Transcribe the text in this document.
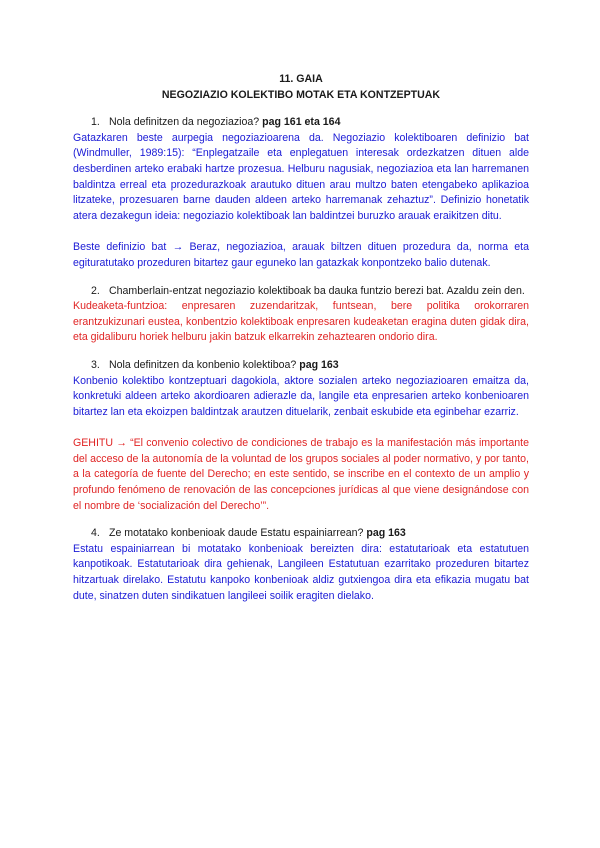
11. GAIA

NEGOZIAZIO KOLEKTIBO MOTAK ETA KONTZEPTUAK

1. Nola definitzen da negoziazioa? pag 161 eta 164

Gatazkaren beste aurpegia negoziazioarena da. Negoziazio kolektiboaren definizio bat (Windmuller, 1989:15): “Enplegatzaile eta enplegatuen interesak ordezkatzen dituen alde desberdinen arteko erabaki hartze prozesua. Helburu nagusiak, negoziazioa eta lan harremanen baldintza erreal eta prozedurazkoak arautuko dituen arau multzo baten etengabeko aplikazioa litzateke, prozesuaren barne dauden aldeen arteko harremanak zehaztuz”. Definizio honetatik atera dezakegun ideia: negoziazio kolektiboak lan baldintzei buruzko arauak eraikitzen ditu.

Beste definizio bat → Beraz, negoziazioa, arauak biltzen dituen prozedura da, norma eta egituratutako prozeduren bitartez gaur eguneko lan gatazkak konpontzeko balio dutenak.

2. Chamberlain-entzat negoziazio kolektiboak ba dauka funtzio berezi bat. Azaldu zein den.

Kudeaketa-funtzioa: enpresaren zuzendaritzak, funtsean, bere politika orokorraren erantzukizunari eustea, konbentzio kolektiboak enpresaren kudeaketan eragina duten gidak dira, eta gidaliburu horiek helburu jakin batzuk elkarrekin zehaztearen ondorio dira.

3. Nola definitzen da konbenio kolektiboa? pag 163

Konbenio kolektibo kontzeptuari dagokiola, aktore sozialen arteko negoziazioaren emaitza da, konkretuki aldeen arteko akordioaren adierazle da, langile eta enpresarien arteko konbenioaren bitartez lan eta ekoizpen baldintzak arautzen dituelarik, zenbait eskubide eta eginbehar ezarriz.

GEHITU → “El convenio colectivo de condiciones de trabajo es la manifestación más importante del acceso de la autonomía de la voluntad de los grupos sociales al poder normativo, y por tanto, a la categoría de fuente del Derecho; en este sentido, se inscribe en el contexto de un amplio y profundo fenómeno de renovación de las concepciones jurídicas al que viene designándose con el nombre de ‘socialización del Derecho’”.

4. Ze motatako konbenioak daude Estatu espainiarrean? pag 163

Estatu espainiarrean bi motatako konbenioak bereizten dira: estatutarioak eta estatutuen kanpotikoak. Estatutarioak dira gehienak, Langileen Estatutuan ezarritako prozeduren bitartez hitzartuak direlako. Estatutu kanpoko konbenioak aldiz gutxiengoa dira eta efikazia mugatu bat dute, sinatzen duten sindikatuen langileei soilik eragiten dielako.
